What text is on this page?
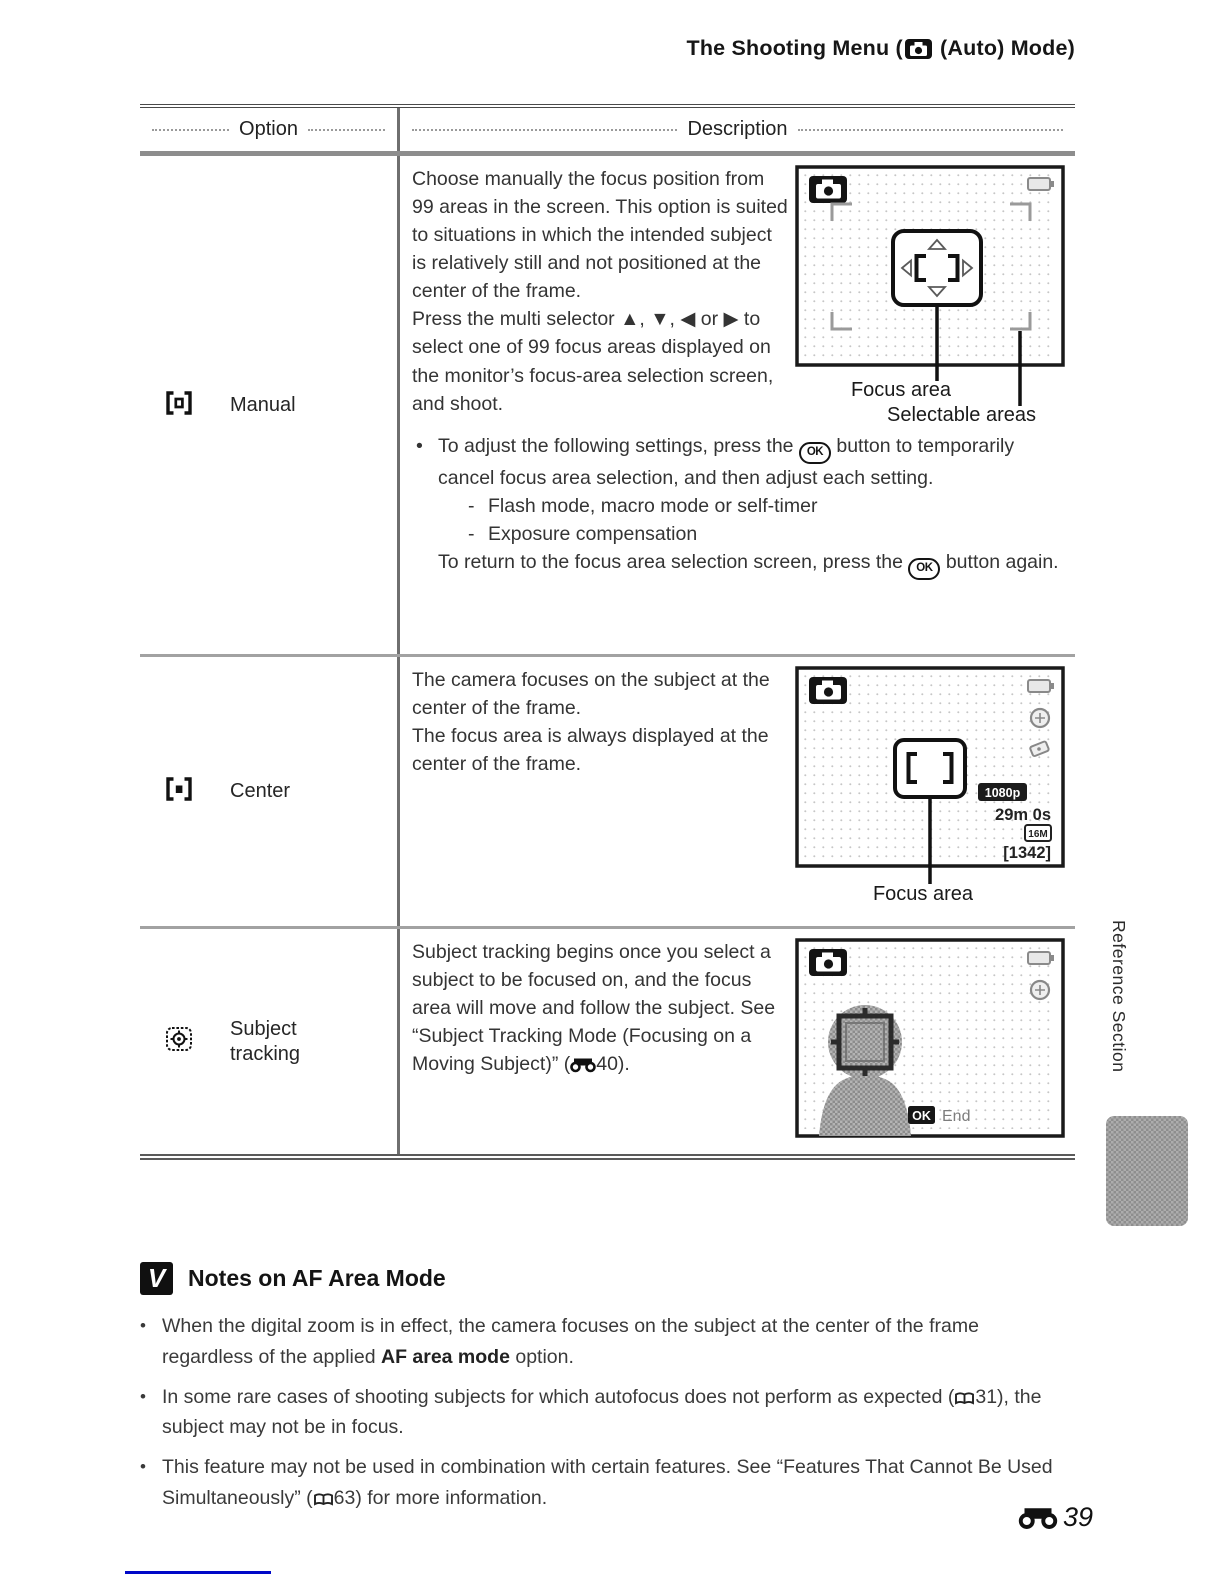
The Shooting Menu ( (Auto) Mode)
Option	Description
Manual

Choose manually the focus position from 99 areas in the screen. This option is suited to situations in which the intended subject is relatively still and not positioned at the center of the frame.

Press the multi selector ▲, ▼, ◀ or ▶ to select one of 99 focus areas displayed on the monitor’s focus-area selection screen, and shoot.

Focus area
Selectable areas
• To adjust the following settings, press the OK button to temporarily cancel focus area selection, and then adjust each setting.
- Flash mode, macro mode or self-timer
- Exposure compensation
To return to the focus area selection screen, press the OK button again.
Center

The camera focuses on the subject at the center of the frame.

The focus area is always displayed at the center of the frame.

1080p
29m 0s
16M
[1342]
Focus area
Subject tracking

Subject tracking begins once you select a subject to be focused on, and the focus area will move and follow the subject. See “Subject Tracking Mode (Focusing on a Moving Subject)” ( 40).

OK End
V Notes on AF Area Mode
• When the digital zoom is in effect, the camera focuses on the subject at the center of the frame regardless of the applied AF area mode option.
• In some rare cases of shooting subjects for which autofocus does not perform as expected ( 31), the subject may not be in focus.
• This feature may not be used in combination with certain features. See “Features That Cannot Be Used Simultaneously” ( 63) for more information.
Reference Section
39
